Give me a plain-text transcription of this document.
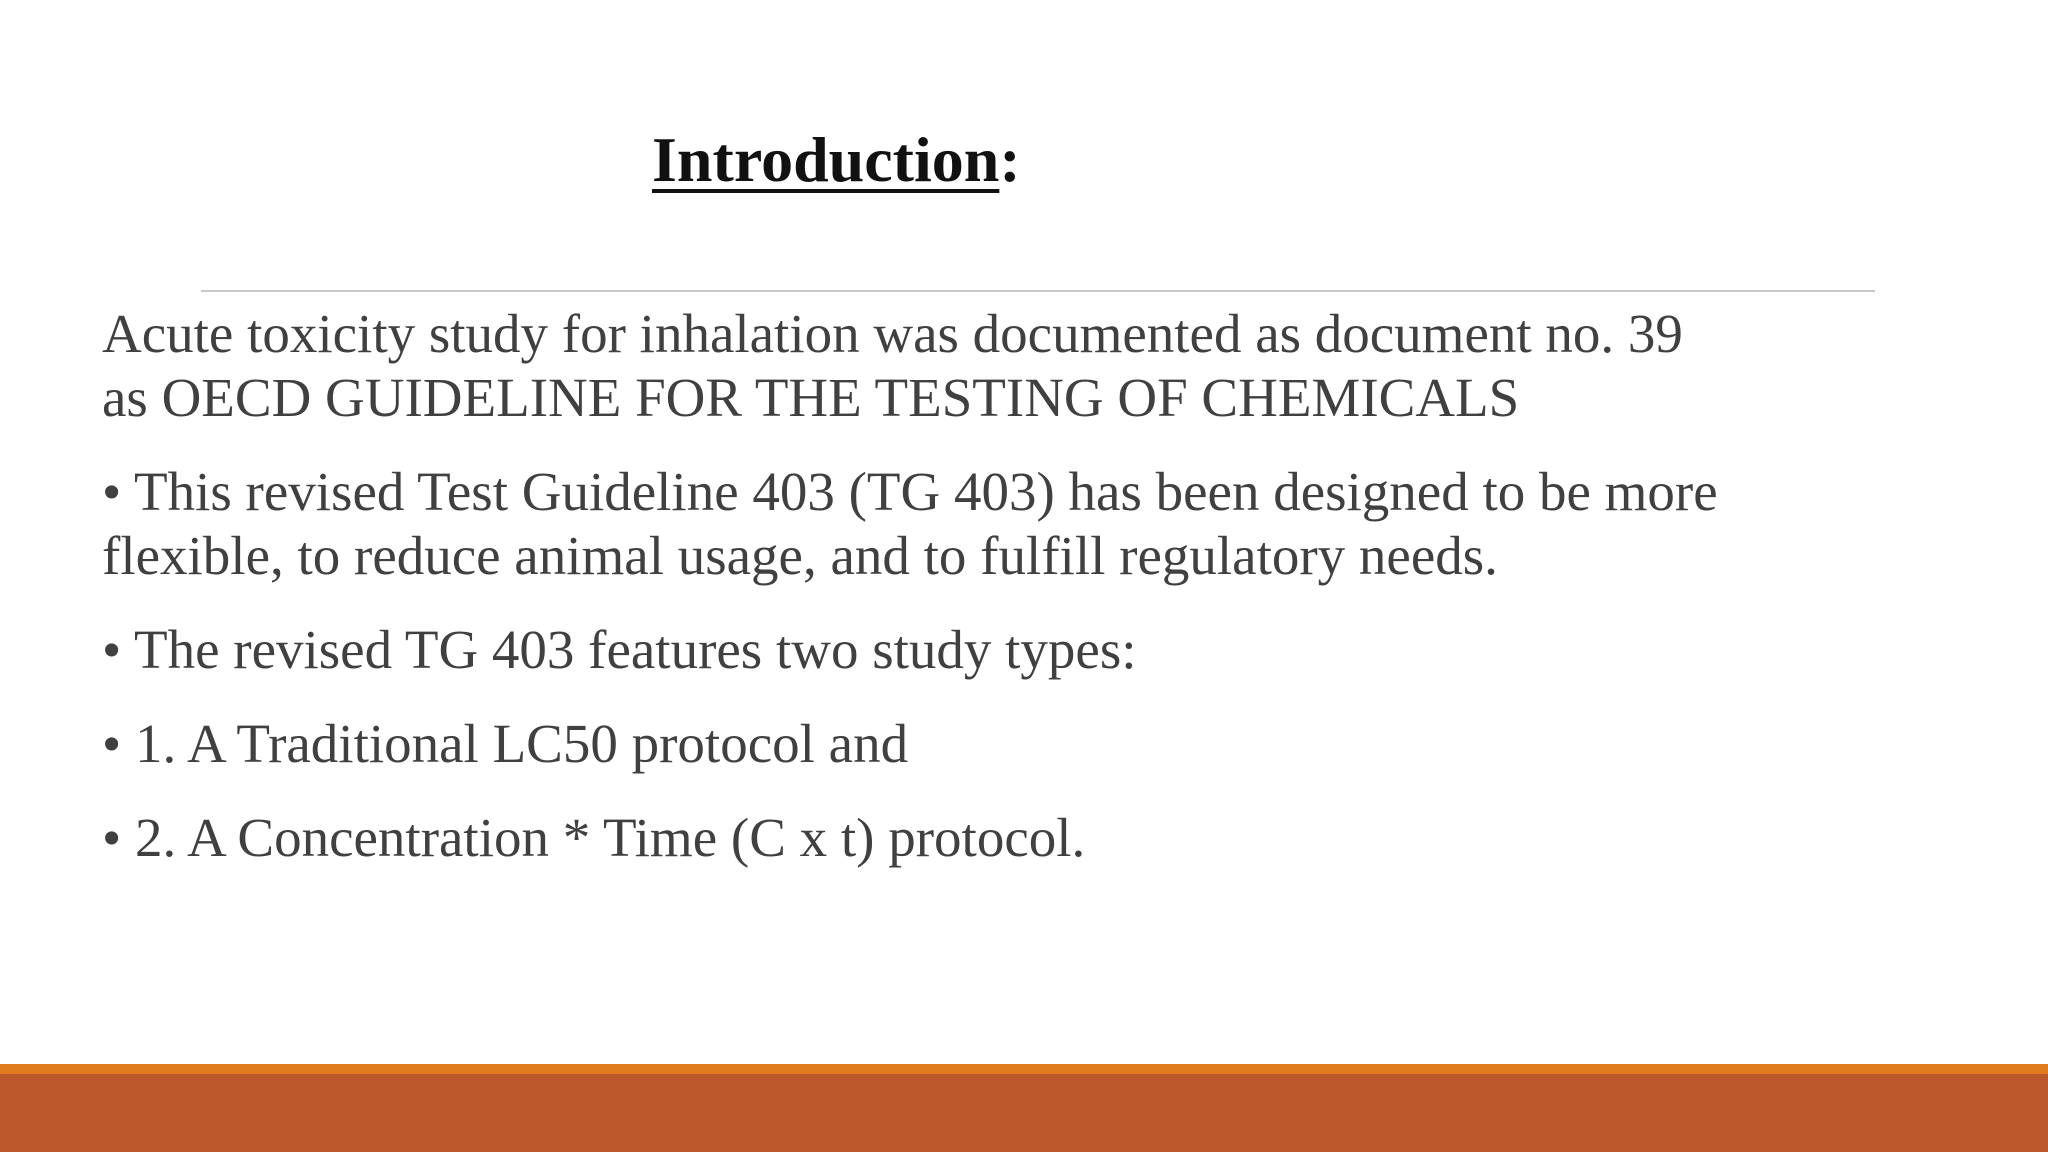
Introduction:

Acute toxicity study for inhalation was documented as document no. 39
as OECD GUIDELINE FOR THE TESTING OF CHEMICALS

• This revised Test Guideline 403 (TG 403) has been designed to be more flexible, to reduce animal usage, and to fulfill regulatory needs.

• The revised TG 403 features two study types:

• 1. A Traditional LC50 protocol and

• 2. A Concentration * Time (C x t) protocol.
